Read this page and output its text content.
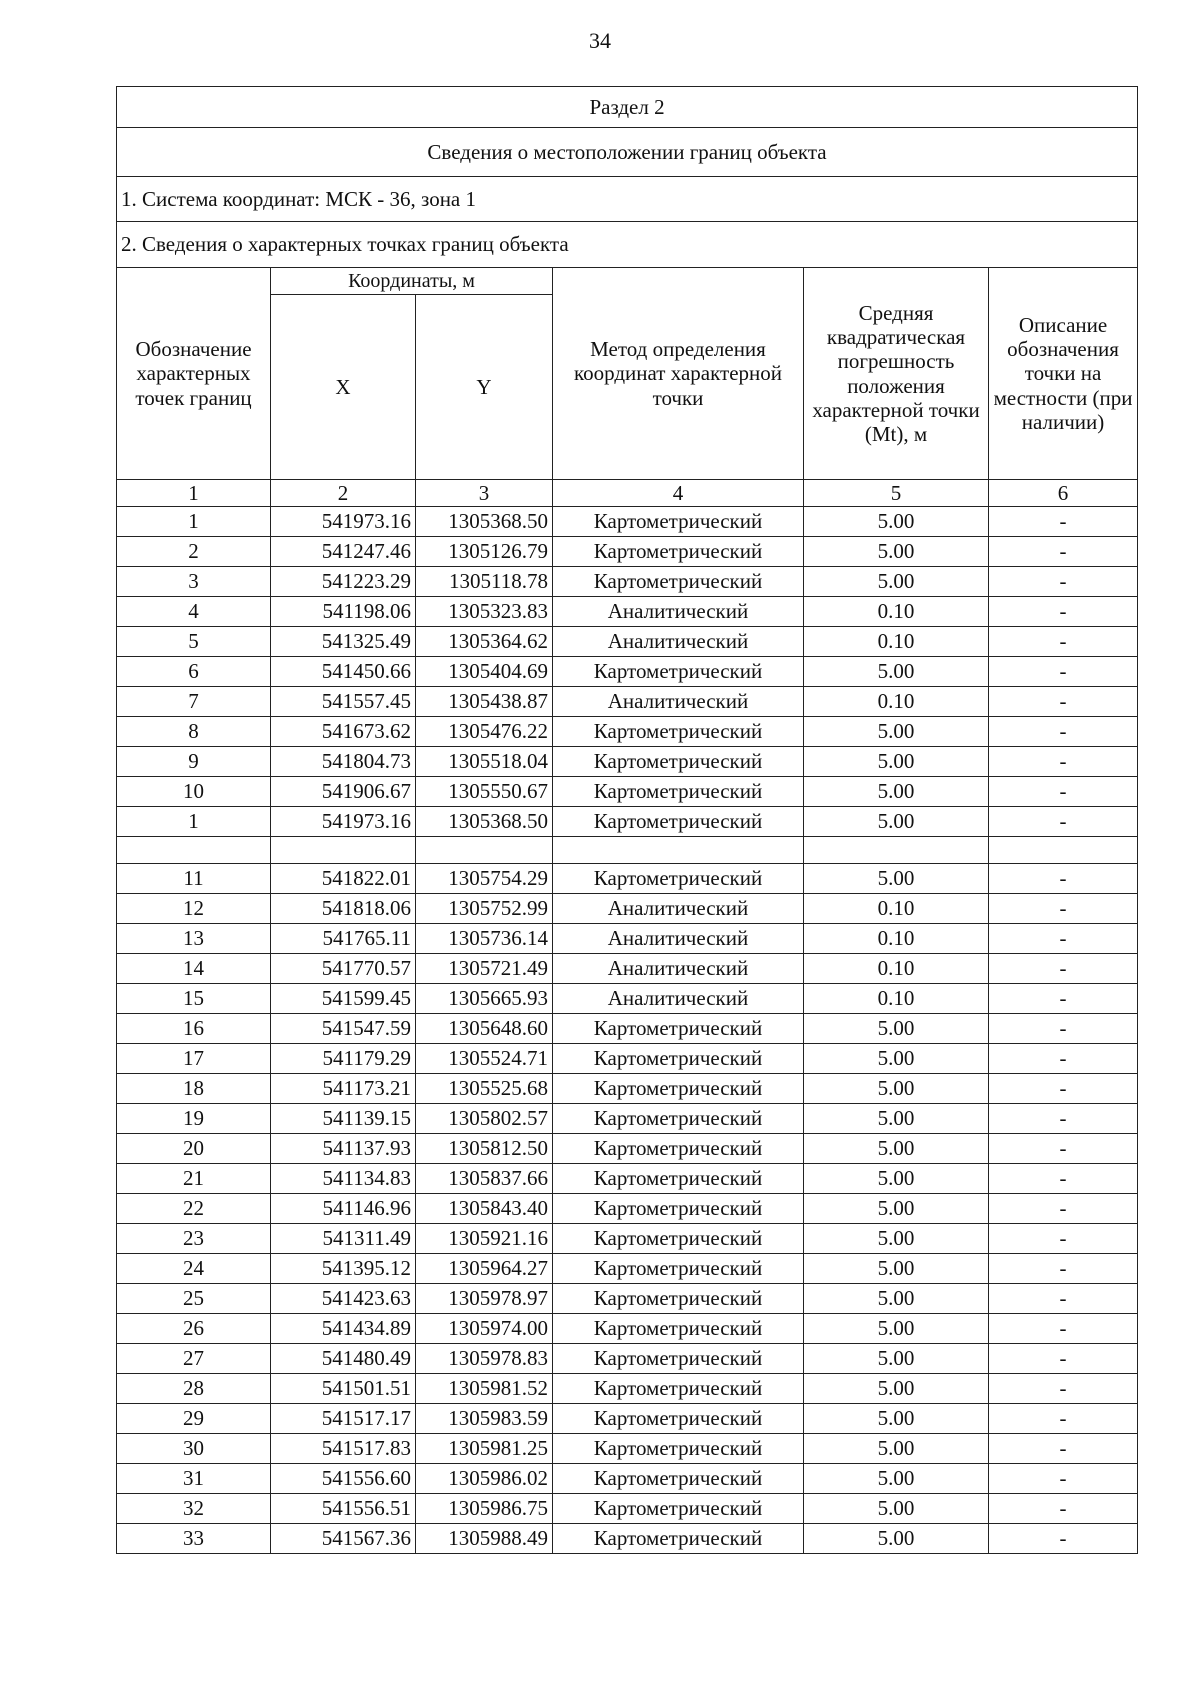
34
Раздел 2					
Сведения о местоположении границ объекта					
1. Система координат: МСК - 36, зона 1					
2. Сведения о характерных точках границ объекта					
Обозначение характерных точек границ	Координаты, м		Метод определения координат характерной точки	Средняя квадратическая погрешность положения характерной точки (Mt), м	Описание обозначения точки на местности (при наличии)
	X	Y			
1	2	3	4	5	6
1	541973.16	1305368.50	Картометрический	5.00	-
2	541247.46	1305126.79	Картометрический	5.00	-
3	541223.29	1305118.78	Картометрический	5.00	-
4	541198.06	1305323.83	Аналитический	0.10	-
5	541325.49	1305364.62	Аналитический	0.10	-
6	541450.66	1305404.69	Картометрический	5.00	-
7	541557.45	1305438.87	Аналитический	0.10	-
8	541673.62	1305476.22	Картометрический	5.00	-
9	541804.73	1305518.04	Картометрический	5.00	-
10	541906.67	1305550.67	Картометрический	5.00	-
1	541973.16	1305368.50	Картометрический	5.00	-

11	541822.01	1305754.29	Картометрический	5.00	-
12	541818.06	1305752.99	Аналитический	0.10	-
13	541765.11	1305736.14	Аналитический	0.10	-
14	541770.57	1305721.49	Аналитический	0.10	-
15	541599.45	1305665.93	Аналитический	0.10	-
16	541547.59	1305648.60	Картометрический	5.00	-
17	541179.29	1305524.71	Картометрический	5.00	-
18	541173.21	1305525.68	Картометрический	5.00	-
19	541139.15	1305802.57	Картометрический	5.00	-
20	541137.93	1305812.50	Картометрический	5.00	-
21	541134.83	1305837.66	Картометрический	5.00	-
22	541146.96	1305843.40	Картометрический	5.00	-
23	541311.49	1305921.16	Картометрический	5.00	-
24	541395.12	1305964.27	Картометрический	5.00	-
25	541423.63	1305978.97	Картометрический	5.00	-
26	541434.89	1305974.00	Картометрический	5.00	-
27	541480.49	1305978.83	Картометрический	5.00	-
28	541501.51	1305981.52	Картометрический	5.00	-
29	541517.17	1305983.59	Картометрический	5.00	-
30	541517.83	1305981.25	Картометрический	5.00	-
31	541556.60	1305986.02	Картометрический	5.00	-
32	541556.51	1305986.75	Картометрический	5.00	-
33	541567.36	1305988.49	Картометрический	5.00	-
